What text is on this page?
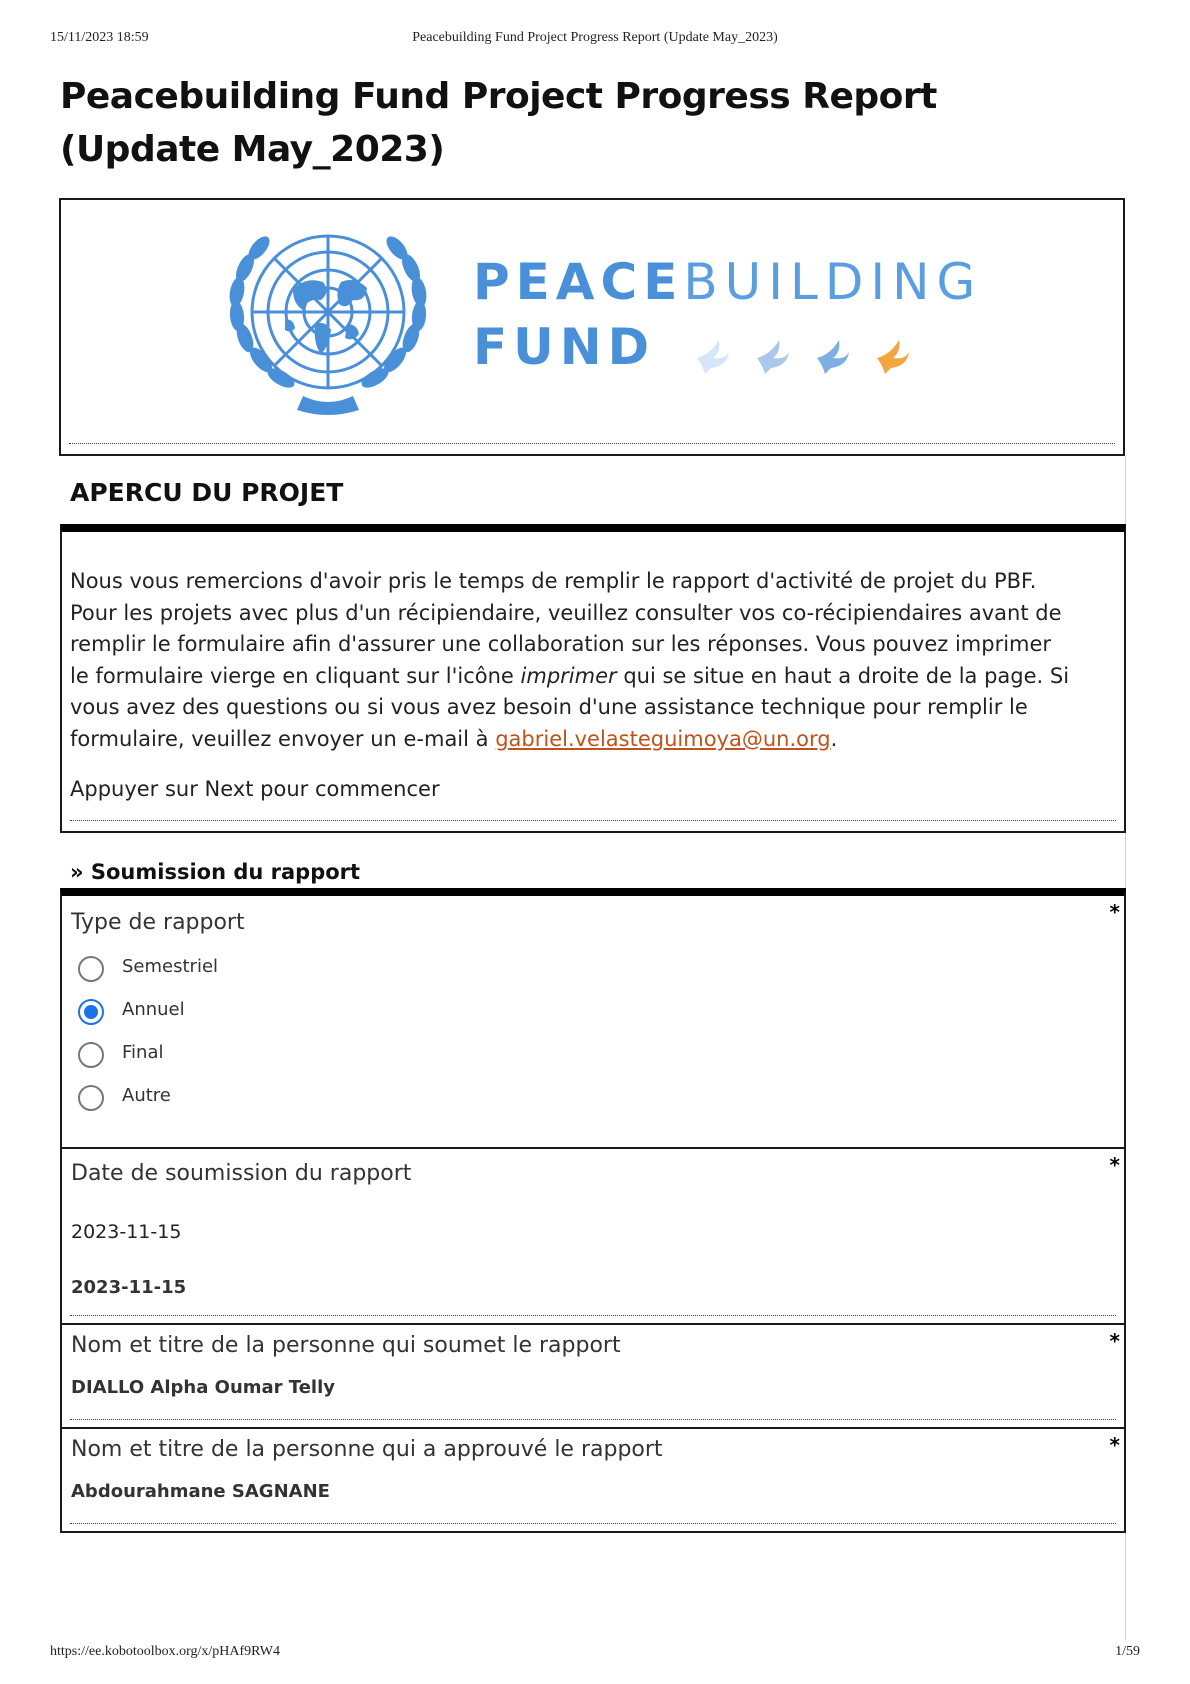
15/11/2023 18:59	Peacebuilding Fund Project Progress Report (Update May_2023)
Peacebuilding Fund Project Progress Report (Update May_2023)
PEACEBUILDING
FUND
APERCU DU PROJET

Nous vous remercions d'avoir pris le temps de remplir le rapport d'activité de projet du PBF. Pour les projets avec plus d'un récipiendaire, veuillez consulter vos co-récipiendaires avant de remplir le formulaire afin d'assurer une collaboration sur les réponses. Vous pouvez imprimer le formulaire vierge en cliquant sur l'icône imprimer qui se situe en haut a droite de la page. Si vous avez des questions ou si vous avez besoin d'une assistance technique pour remplir le formulaire, veuillez envoyer un e-mail à gabriel.velasteguimoya@un.org.

Appuyer sur Next pour commencer

» Soumission du rapport
*

Type de rapport

Semestriel
Annuel
Final
Autre
*

Date de soumission du rapport

2023-11-15
2023-11-15
*

Nom et titre de la personne qui soumet le rapport

DIALLO Alpha Oumar Telly
*

Nom et titre de la personne qui a approuvé le rapport

Abdourahmane SAGNANE
https://ee.kobotoolbox.org/x/pHAf9RW4	1/59
